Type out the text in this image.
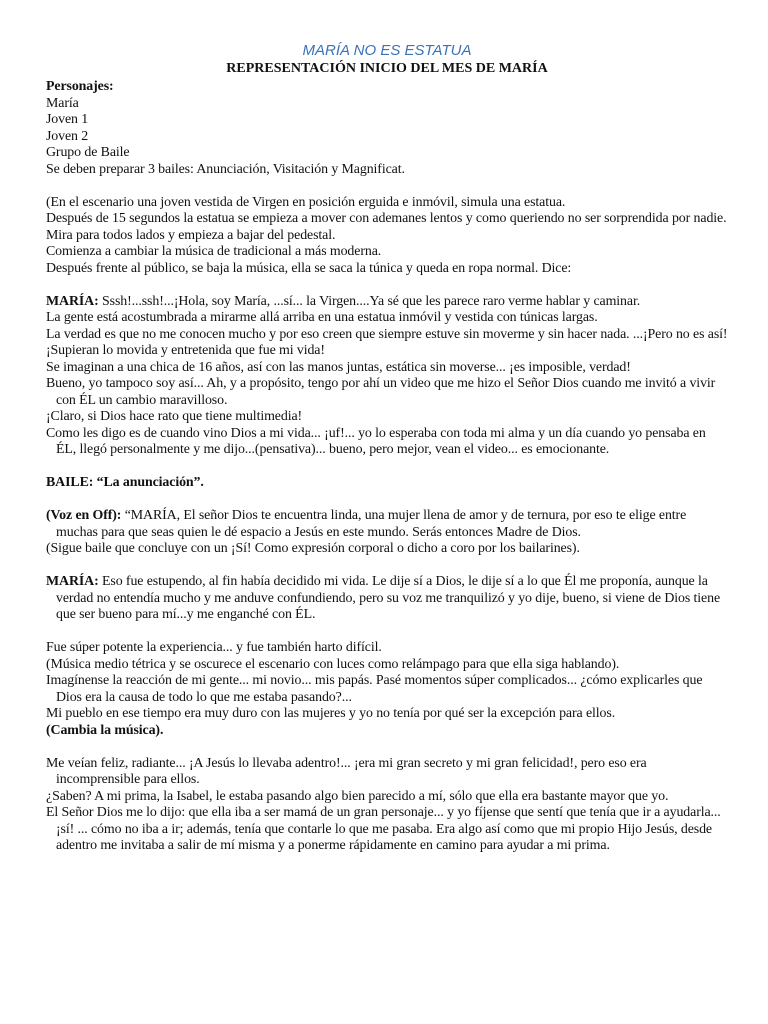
MARÍA NO ES ESTATUA

REPRESENTACIÓN INICIO DEL MES DE MARÍA

Personajes:
María
Joven 1
Joven 2
Grupo de Baile
Se deben preparar 3 bailes: Anunciación, Visitación y Magnificat.
(En el escenario una joven vestida de Virgen en posición erguida e inmóvil, simula una estatua.
Después de 15 segundos la estatua se empieza a mover con ademanes lentos y como queriendo no ser sorprendida por nadie.
Mira para todos lados y empieza a bajar del pedestal.
Comienza a cambiar la música de tradicional a más moderna.
Después frente al público, se baja la música, ella se saca la túnica y queda en ropa normal. Dice:
MARÍA: Sssh!...ssh!...¡Hola, soy María, ...sí... la Virgen....Ya sé que les parece raro verme hablar y caminar.
La gente está acostumbrada a mirarme allá arriba en una estatua inmóvil y vestida con túnicas largas.
La verdad es que no me conocen mucho y por eso creen que siempre estuve sin moverme y sin hacer nada. ...¡Pero no es así!
¡Supieran lo movida y entretenida que fue mi vida!
Se imaginan a una chica de 16 años, así con las manos juntas, estática sin moverse... ¡es imposible, verdad!
Bueno, yo tampoco soy así... Ah, y a propósito, tengo por ahí un video que me hizo el Señor Dios cuando me invitó a vivir con ÉL un cambio maravilloso.
¡Claro, si Dios hace rato que tiene multimedia!
Como les digo es de cuando vino Dios a mi vida... ¡uf!... yo lo esperaba con toda mi alma y un día cuando yo pensaba en ÉL, llegó personalmente y me dijo...(pensativa)... bueno, pero mejor, vean el video... es emocionante.
BAILE: “La anunciación”.
(Voz en Off): “MARÍA, El señor Dios te encuentra linda, una mujer llena de amor y de ternura, por eso te elige entre muchas para que seas quien le dé espacio a Jesús en este mundo. Serás entonces Madre de Dios.
(Sigue baile que concluye con un ¡Sí! Como expresión corporal o dicho a coro por los bailarines).
MARÍA: Eso fue estupendo, al fin había decidido mi vida. Le dije sí a Dios, le dije sí a lo que Él me proponía, aunque la verdad no entendía mucho y me anduve confundiendo, pero su voz me tranquilizó y yo dije, bueno, si viene de Dios tiene que ser bueno para mí...y me enganché con ÉL.
Fue súper potente la experiencia... y fue también harto difícil.
(Música medio tétrica y se oscurece el escenario con luces como relámpago para que ella siga hablando).
Imagínense la reacción de mi gente... mi novio... mis papás. Pasé momentos súper complicados... ¿cómo explicarles que Dios era la causa de todo lo que me estaba pasando?...
Mi pueblo en ese tiempo era muy duro con las mujeres y yo no tenía por qué ser la excepción para ellos.
(Cambia la música).
Me veían feliz, radiante... ¡A Jesús lo llevaba adentro!... ¡era mi gran secreto y mi gran felicidad!, pero eso era incomprensible para ellos.
¿Saben? A mi prima, la Isabel, le estaba pasando algo bien parecido a mí, sólo que ella era bastante mayor que yo.
El Señor Dios me lo dijo: que ella iba a ser mamá de un gran personaje... y yo fíjense que sentí que tenía que ir a ayudarla... ¡sí! ... cómo no iba a ir; además, tenía que contarle lo que me pasaba. Era algo así como que mi propio Hijo Jesús, desde adentro me invitaba a salir de mí misma y a ponerme rápidamente en camino para ayudar a mi prima.
